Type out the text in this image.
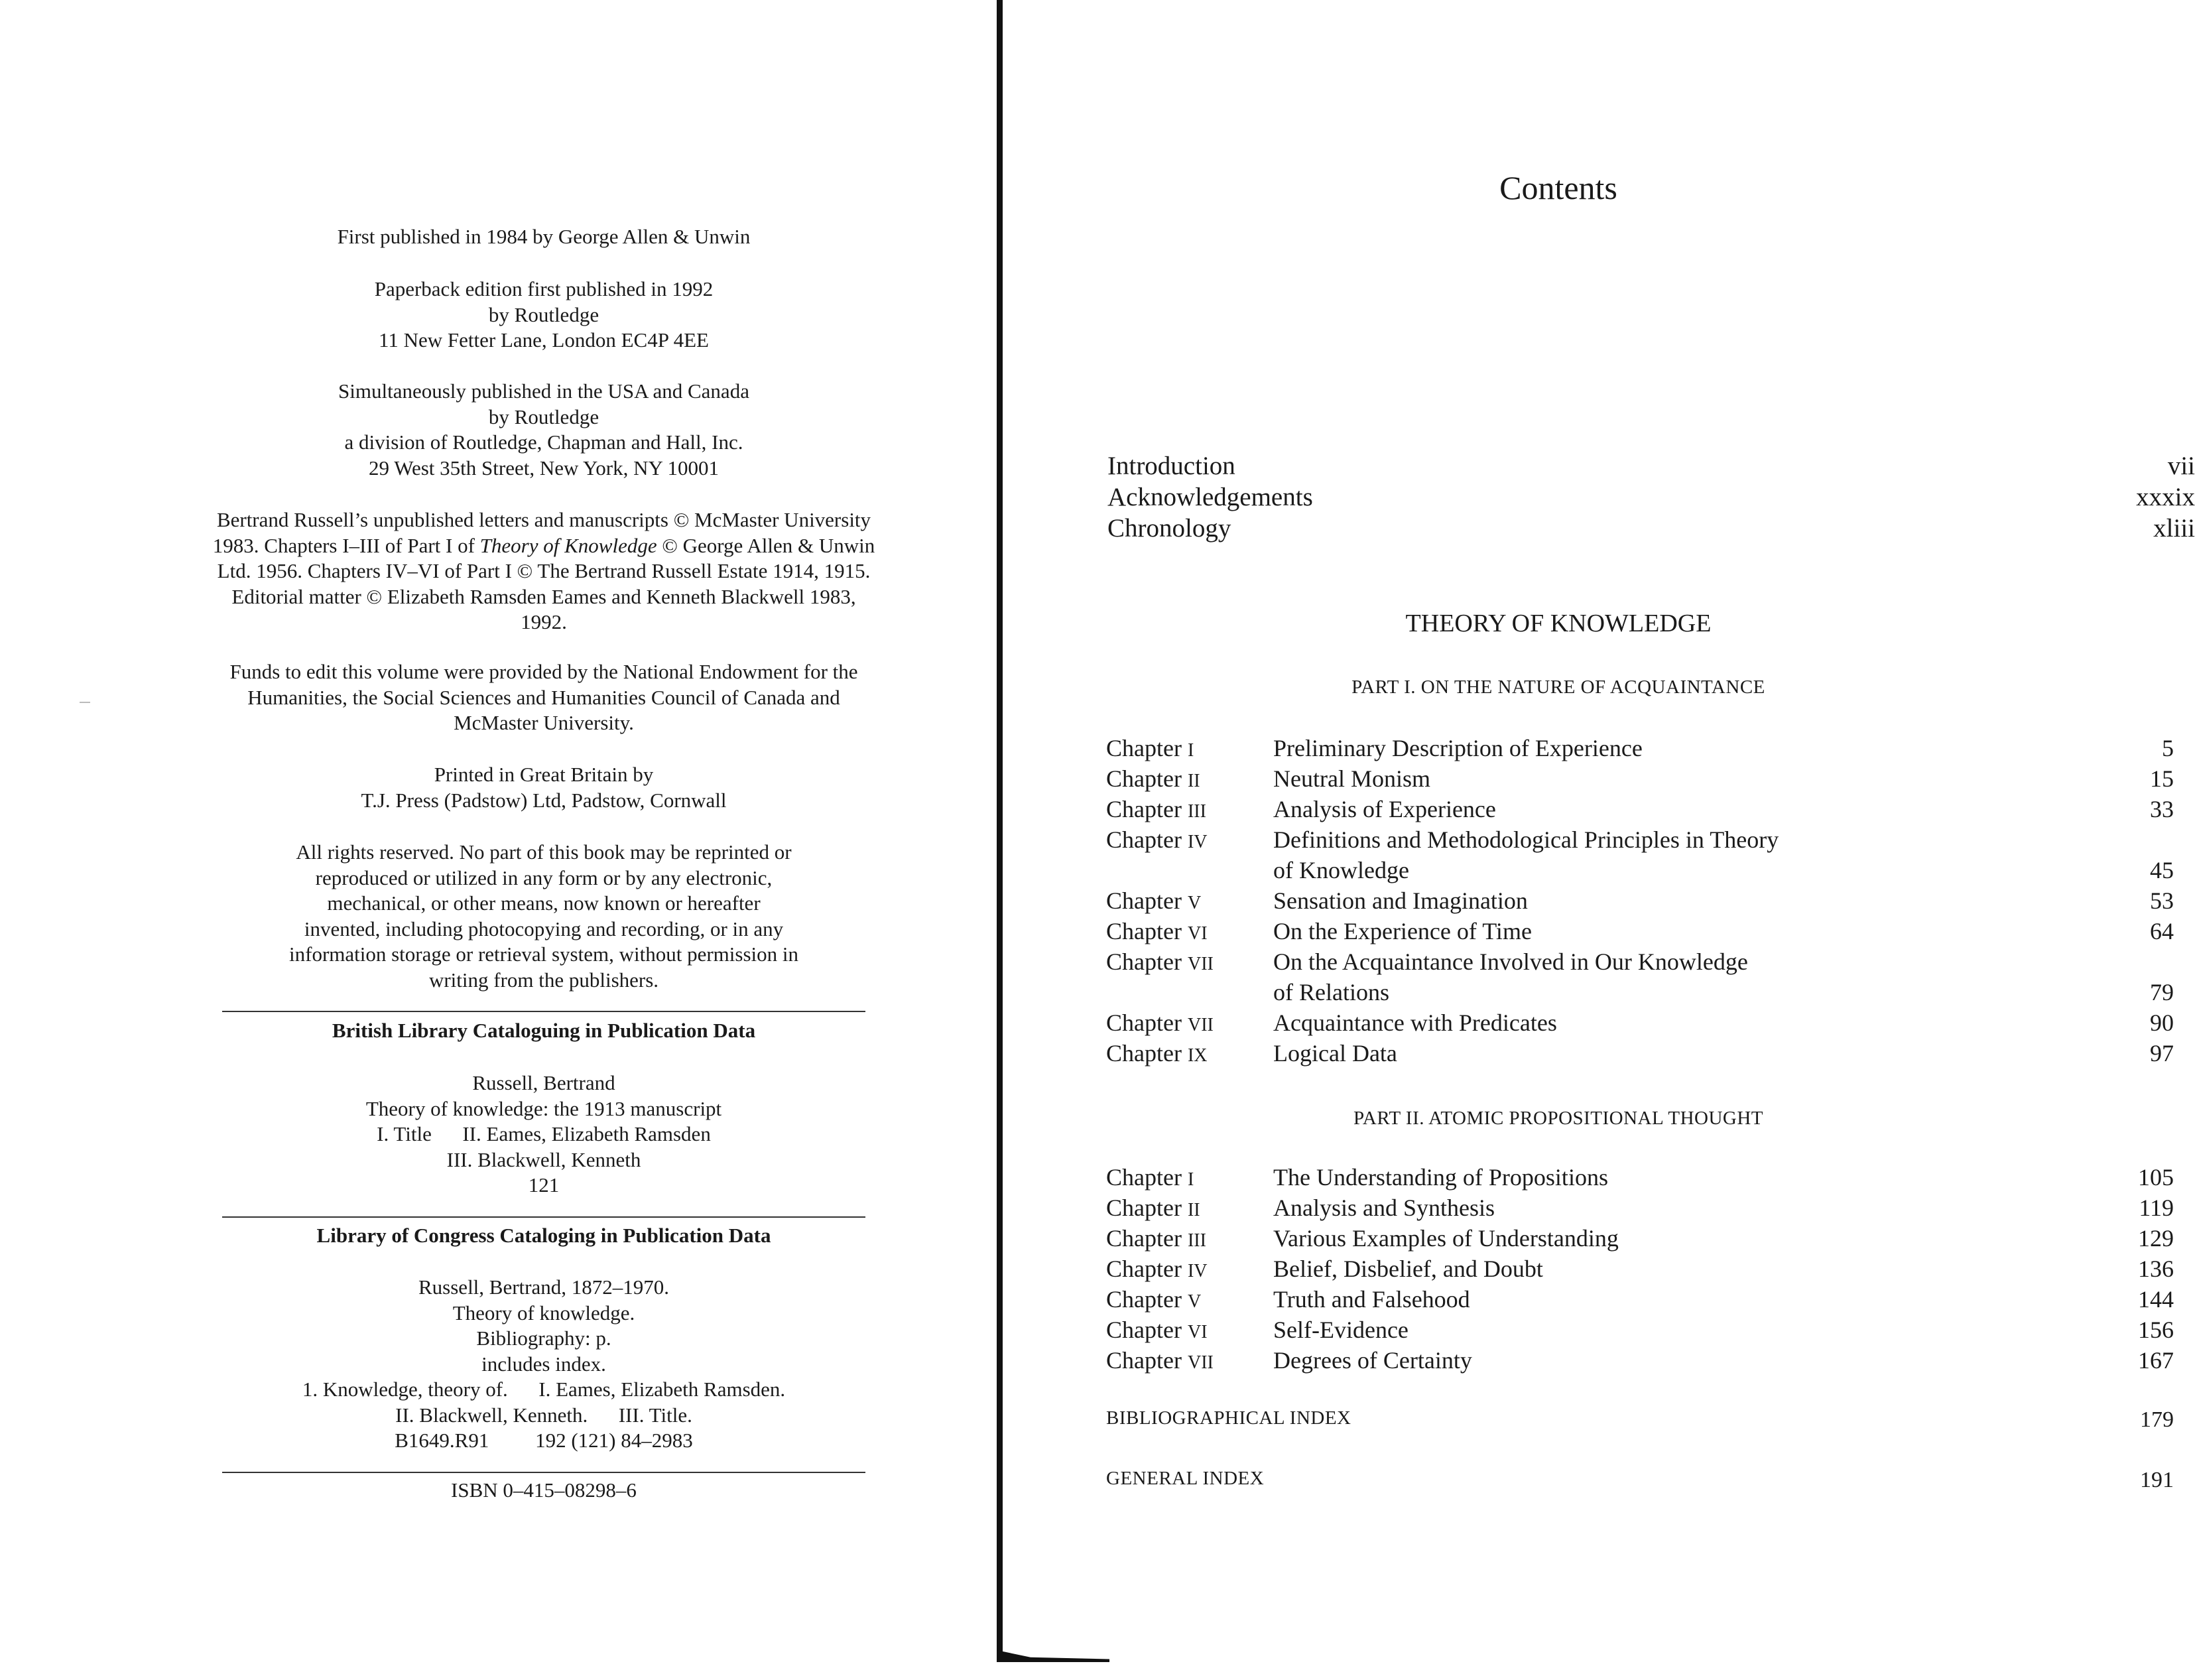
First published in 1984 by George Allen & Unwin
Paperback edition first published in 1992
by Routledge
11 New Fetter Lane, London EC4P 4EE
Simultaneously published in the USA and Canada
by Routledge
a division of Routledge, Chapman and Hall, Inc.
29 West 35th Street, New York, NY 10001
Bertrand Russell’s unpublished letters and manuscripts © McMaster University
1983. Chapters I–III of Part I of Theory of Knowledge © George Allen & Unwin
Ltd. 1956. Chapters IV–VI of Part I © The Bertrand Russell Estate 1914, 1915.
Editorial matter © Elizabeth Ramsden Eames and Kenneth Blackwell 1983,
1992.
Funds to edit this volume were provided by the National Endowment for the
Humanities, the Social Sciences and Humanities Council of Canada and
McMaster University.
Printed in Great Britain by
T.J. Press (Padstow) Ltd, Padstow, Cornwall
All rights reserved. No part of this book may be reprinted or
reproduced or utilized in any form or by any electronic,
mechanical, or other means, now known or hereafter
invented, including photocopying and recording, or in any
information storage or retrieval system, without permission in
writing from the publishers.
British Library Cataloguing in Publication Data
Russell, Bertrand
Theory of knowledge: the 1913 manuscript
I. Title      II. Eames, Elizabeth Ramsden
III. Blackwell, Kenneth
121
Library of Congress Cataloging in Publication Data
Russell, Bertrand, 1872–1970.
Theory of knowledge.
Bibliography: p.
includes index.
1. Knowledge, theory of.      I. Eames, Elizabeth Ramsden.
II. Blackwell, Kenneth.      III. Title.
B1649.R91         192 (121) 84–2983
ISBN 0–415–08298–6
Contents
Introduction	vii
Acknowledgements	xxxix
Chronology	xliii
THEORY OF KNOWLEDGE
PART I. ON THE NATURE OF ACQUAINTANCE
Chapter I	Preliminary Description of Experience	5
Chapter II	Neutral Monism	15
Chapter III	Analysis of Experience	33
Chapter IV	Definitions and Methodological Principles in Theory of Knowledge	45
Chapter V	Sensation and Imagination	53
Chapter VI	On the Experience of Time	64
Chapter VII	On the Acquaintance Involved in Our Knowledge of Relations	79
Chapter VII	Acquaintance with Predicates	90
Chapter IX	Logical Data	97
PART II. ATOMIC PROPOSITIONAL THOUGHT
Chapter I	The Understanding of Propositions	105
Chapter II	Analysis and Synthesis	119
Chapter III	Various Examples of Understanding	129
Chapter IV	Belief, Disbelief, and Doubt	136
Chapter V	Truth and Falsehood	144
Chapter VI	Self-Evidence	156
Chapter VII	Degrees of Certainty	167
BIBLIOGRAPHICAL INDEX	179
GENERAL INDEX	191
